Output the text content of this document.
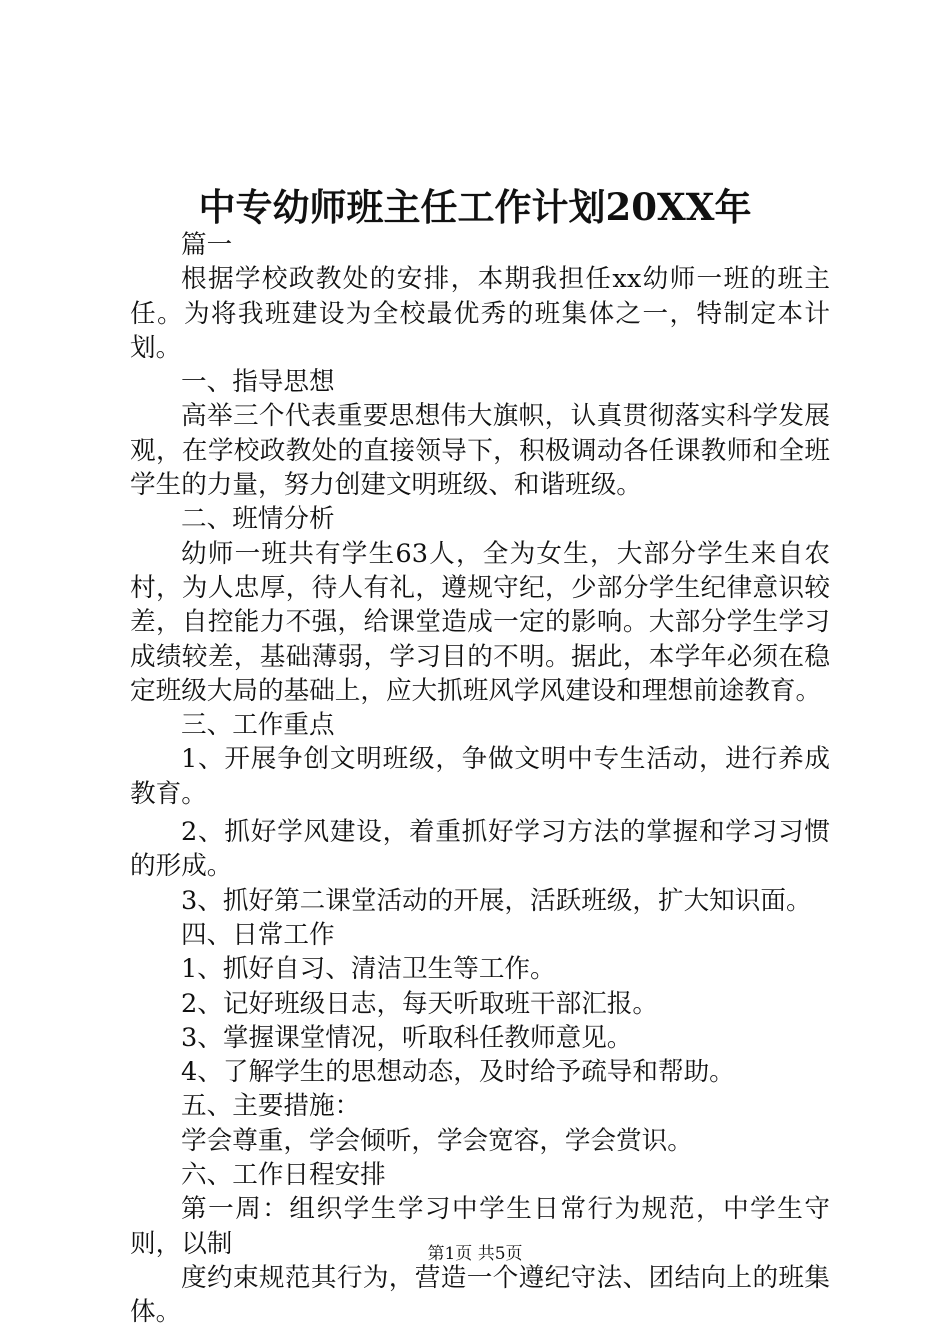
中专幼师班主任工作计划20XX年

篇一

根据学校政教处的安排，本期我担任xx幼师一班的班主任。为将我班建设为全校最优秀的班集体之一，特制定本计划。

一、指导思想

高举三个代表重要思想伟大旗帜，认真贯彻落实科学发展观，在学校政教处的直接领导下，积极调动各任课教师和全班学生的力量，努力创建文明班级、和谐班级。

二、班情分析

幼师一班共有学生63人，全为女生，大部分学生来自农村，为人忠厚，待人有礼，遵规守纪，少部分学生纪律意识较差，自控能力不强，给课堂造成一定的影响。大部分学生学习成绩较差，基础薄弱，学习目的不明。据此，本学年必须在稳定班级大局的基础上，应大抓班风学风建设和理想前途教育。

三、工作重点

1、开展争创文明班级，争做文明中专生活动，进行养成教育。

2、抓好学风建设，着重抓好学习方法的掌握和学习习惯的形成。

3、抓好第二课堂活动的开展，活跃班级，扩大知识面。

四、日常工作

1、抓好自习、清洁卫生等工作。

2、记好班级日志，每天听取班干部汇报。

3、掌握课堂情况，听取科任教师意见。

4、了解学生的思想动态，及时给予疏导和帮助。

五、主要措施：

学会尊重，学会倾听，学会宽容，学会赏识。

六、工作日程安排

第一周：组织学生学习中学生日常行为规范，中学生守则，以制

度约束规范其行为，营造一个遵纪守法、团结向上的班集体。

第1页 共5页
